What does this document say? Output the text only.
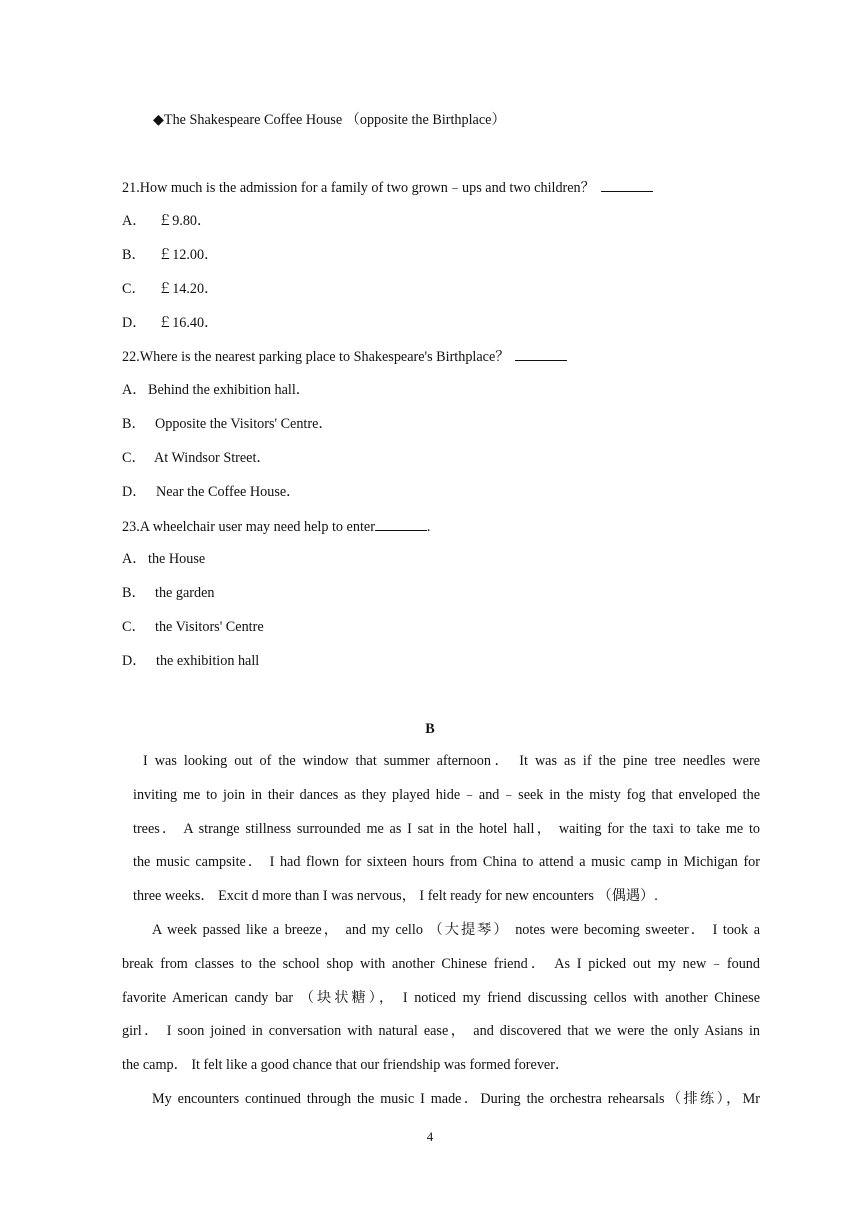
◆The Shakespeare Coffee House （opposite the Birthplace）
21.How much is the admission for a family of two grown﹣ups and two children？
A． ￡9.80．
B． ￡12.00．
C． ￡14.20．
D． ￡16.40．
22.Where is the nearest parking place to Shakespeare's Birthplace？
A． Behind the exhibition hall．
B． Opposite the Visitors' Centre．
C． At Windsor Street．
D． Near the Coffee House．
23.A wheelchair user may need help to enter	.
A． the House
B． the garden
C． the Visitors' Centre
D． the exhibition hall
B
I was looking out of the window that summer afternoon． It was as if the pine tree needles were
inviting me to join in their dances as they played hide﹣and﹣seek in the misty fog that enveloped the
trees． A strange stillness surrounded me as I sat in the hotel hall， waiting for the taxi to take me to
the music campsite． I had flown for sixteen hours from China to attend a music camp in Michigan for
three weeks． Excit d more than I was nervous， I felt ready for new encounters （偶遇）.
A week passed like a breeze， and my cello （大提琴） notes were becoming sweeter． I took a
break from classes to the school shop with another Chinese friend． As I picked out my new﹣found
favorite American candy bar （块状糖）， I noticed my friend discussing cellos with another Chinese
girl． I soon joined in conversation with natural ease， and discovered that we were the only Asians in
the camp． It felt like a good chance that our friendship was formed forever．
My encounters continued through the music I made．During the orchestra rehearsals（排练），Mr
4
